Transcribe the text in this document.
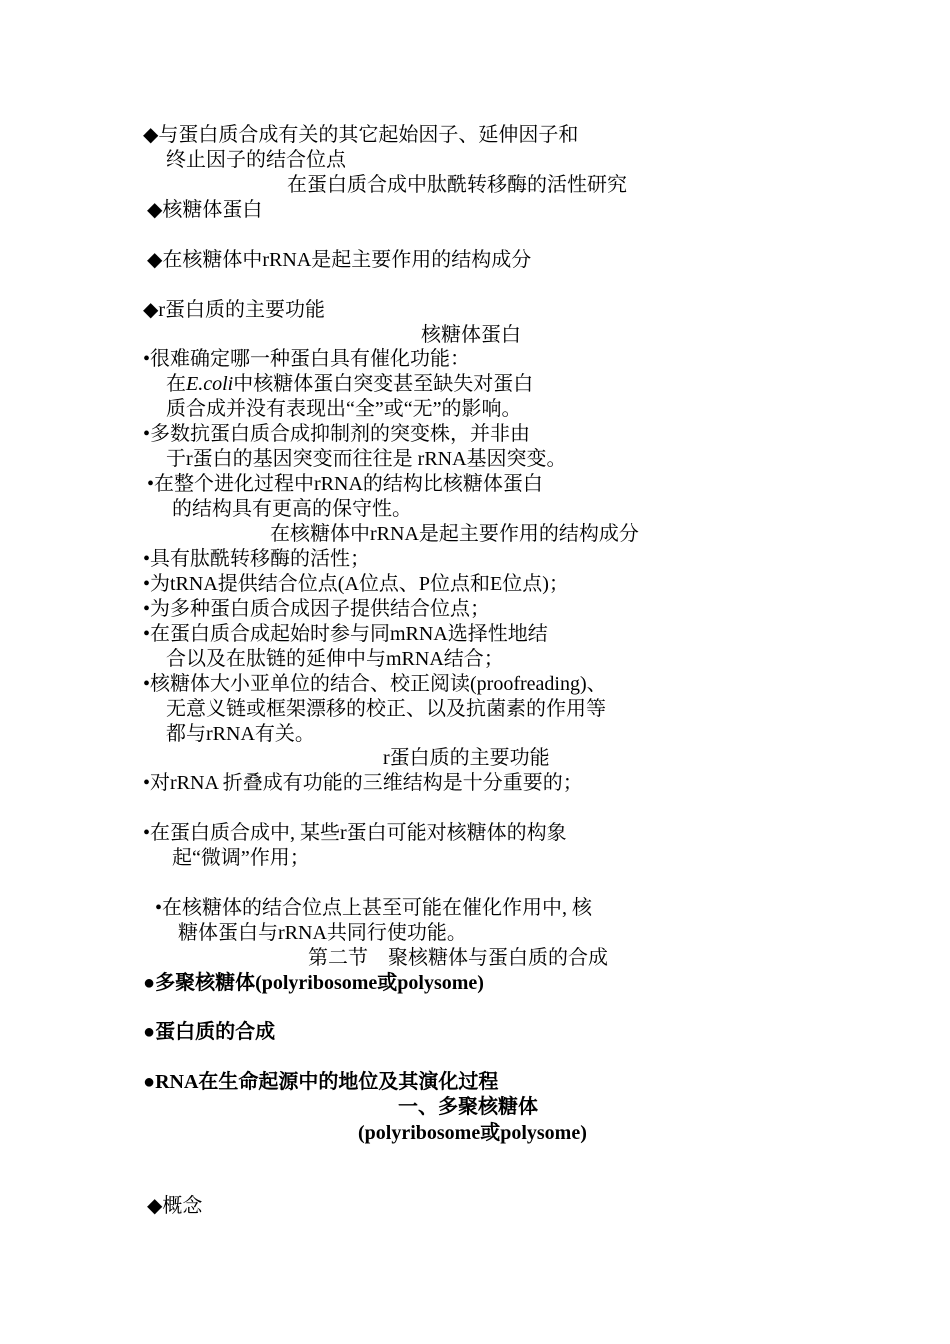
◆与蛋白质合成有关的其它起始因子、延伸因子和
终止因子的结合位点
在蛋白质合成中肽酰转移酶的活性研究
◆核糖体蛋白
◆在核糖体中rRNA是起主要作用的结构成分
◆r蛋白质的主要功能
核糖体蛋白
•很难确定哪一种蛋白具有催化功能：
在E.coli中核糖体蛋白突变甚至缺失对蛋白
质合成并没有表现出“全”或“无”的影响。
•多数抗蛋白质合成抑制剂的突变株，并非由
于r蛋白的基因突变而往往是 rRNA基因突变。
•在整个进化过程中rRNA的结构比核糖体蛋白
的结构具有更高的保守性。
在核糖体中rRNA是起主要作用的结构成分
•具有肽酰转移酶的活性；
•为tRNA提供结合位点(A位点、P位点和E位点)；
•为多种蛋白质合成因子提供结合位点；
•在蛋白质合成起始时参与同mRNA选择性地结
合以及在肽链的延伸中与mRNA结合；
•核糖体大小亚单位的结合、校正阅读(proofreading)、
无意义链或框架漂移的校正、以及抗菌素的作用等
都与rRNA有关。
r蛋白质的主要功能
•对rRNA 折叠成有功能的三维结构是十分重要的；
•在蛋白质合成中, 某些r蛋白可能对核糖体的构象
起“微调”作用；
•在核糖体的结合位点上甚至可能在催化作用中, 核
糖体蛋白与rRNA共同行使功能。
第二节　聚核糖体与蛋白质的合成
●多聚核糖体(polyribosome或polysome)
●蛋白质的合成
●RNA在生命起源中的地位及其演化过程
一、多聚核糖体
(polyribosome或polysome)
◆概念
